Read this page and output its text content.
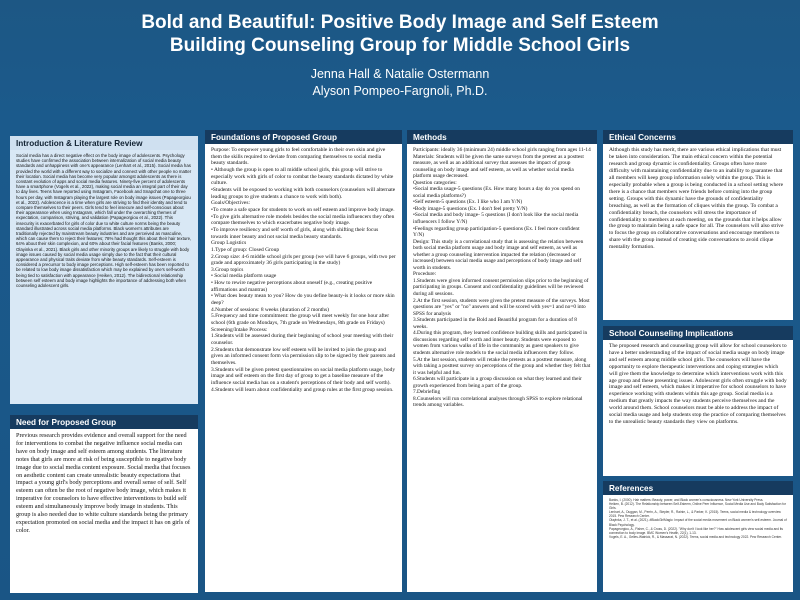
Bold and Beautiful: Positive Body Image and Self Esteem
Building Counseling Group for Middle School Girls
Jenna Hall & Natalie Ostermann
Alyson Pompeo-Fargnoli, Ph.D.
Introduction & Literature Review
Social media has a direct negative effect on the body image of adolescents. Psychology studies have confirmed the association between internalization of social media beauty standards and unhappiness with one's appearance (Lenhart et al., 2015). Social media has provided the world with a different way to socialize and connect with other people no matter their location. Social media has become very popular amongst adolescents as there is constant evolution of apps and social media features. Ninety-five percent of adolescents have a smartphone (Vogels et al., 2022), making social media an integral part of their day to day lives. Teens have reported using Instagram, Facebook and Snapchat one to three hours per day, with Instagram playing the largest role on body image issues (Papageorgiou et al., 2022). Adolescence is a time when girls are striving to find their identity and tend to compare themselves to their peers. Girls tend to feel insecure and self-conscious about their appearance when using Instagram, which fall under the overarching themes of expectation, comparison, striving, and validation (Papageorgiou et al., 2022). This insecurity is exacerbated for girls of color due to white culture norms being the beauty standard illustrated across social media platforms. Black women's attributes are traditionally rejected by mainstream beauty industries and are perceived as masculine, which can cause them to reject their features; 78% had thought this about their hair texture, 64% about their skin complexion, and 60% about their facial features (Banks, 2000; Olayinka et al., 2021). Black girls and other minority groups are likely to struggle with body image issues caused by social media usage simply due to the fact that their cultural appearance and physical traits deviate from white beauty standards. Self-esteem is considered a precursor to body image perceptions. High self-esteem has been reported to be related to low body image dissatisfaction which may be explained by one's self-worth being tied to satisfaction with appearance (Heiken, 2012). The bidirectional relationship between self esteem and body image highlights the importance of addressing both when counseling adolescent girls.
Need for Proposed Group
Previous research provides evidence and overall support for the need for interventions to combat the negative influence social media can have on body image and self esteem among students. The literature notes that girls are more at risk of being susceptible to negative body image due to social media content exposure. Social media that focuses on aesthetic content can create unrealistic beauty expectations that impact a young girl's body perceptions and overall sense of self. Self esteem can often be the root of negative body image, which makes it imperative for counselors to have effective interventions to build self esteem and simultaneously improve body image in students. This group is also needed due to white culture standards being the primary expectation promoted on social media and the impact it has on girls of color.
Foundations of Proposed Group
Purpose: To empower young girls to feel comfortable in their own skin and give them the skills required to deviate from comparing themselves to social media beauty standards.
• Although the group is open to all middle school girls, this group will strive to especially work with girls of color to combat the beauty standards dictated by white culture.
•Students will be exposed to working with both counselors (counselors will alternate leading groups to give students a chance to work with both).
Goals/Objectives:
•To create a safe space for students to work on self esteem and improve body image.
•To give girls alternative role models besides the social media influencers they often compare themselves to which exacerbates negative body image.
•To improve resiliency and self worth of girls, along with shifting their focus towards inner beauty and not social media beauty standards.
Group Logistics
1.Type of group: Closed Group
2.Group size: 4-6 middle school girls per group (we will have 6 groups, with two per grade and approximately 36 girls participating in the study)
3.Group topics
• Social media platform usage
• How to rewire negative perceptions about oneself (e.g., creating positive affirmations and mantras)
• What does beauty mean to you? How do you define beauty-is it looks or more skin deep?
4.Number of sessions: 8 weeks (duration of 2 months)
5.Frequency and time commitment: the group will meet weekly for one hour after school (6th grade on Mondays, 7th grade on Wednesdays, 8th grade on Fridays)
Screening/Intake Process:
1.Students will be assessed during their beginning of school year meeting with their counselor.
2.Students that demonstrate low self esteem will be invited to join the group and given an informed consent form via permission slip to be signed by their parents and themselves.
3.Students will be given pretest questionnaires on social media platform usage, body image and self esteem on the first day of group to get a baseline measure of the influence social media has on a student's perceptions of their body and self worth).
4.Students will learn about confidentiality and group rules at the first group session.
Methods
Participants: ideally 36 (minimum 24) middle school girls ranging from ages 11-14
Materials: Students will be given the same surveys from the pretest as a posttest measure, as well as an additional survey that assesses the impact of group counseling on body image and self esteem, as well as whether social media platform usage decreased.
Question categories:
•Social media usage-5 questions (Ex. How many hours a day do you spend on social media platforms?)
•Self esteem-5 questions (Ex. I like who I am Y/N)
•Body image-5 questions (Ex. I don't feel pretty Y/N)
•Social media and body image- 5 questions (I don't look like the social media influencers I follow Y/N)
•Feelings regarding group participation-5 questions (Ex. I feel more confident Y/N)
Design: This study is a correlational study that is assessing the relation between both social media platform usage and body image and self esteem, as well as whether a group counseling intervention impacted the relation (decreased or increased) between social media usage and perceptions of body image and self worth in students.
Procedure:
1.Students were given informed consent permission slips prior to the beginning of participating in groups. Consent and confidentiality guidelines will be reviewed during all sessions.
2.At the first session, students were given the pretest measure of the surveys. Most questions are "yes" or "no" answers and will be scored with yes=1 and no=0 into SPSS for analysis
3.Students participated in the Bold and Beautiful program for a duration of 8 weeks.
4.During this program, they learned confidence building skills and participated in discussions regarding self worth and inner beauty. Students were exposed to women from various walks of life in the community as guest speakers to give students alternative role models to the social media influencers they follow.
5.At the last session, students will retake the pretests as a posttest measure, along with taking a posttest survey on perceptions of the group and whether they felt that it was helpful and fun.
6.Students will participate in a group discussion on what they learned and their growth experienced from being a part of the group.
7.Debriefing
8.Counselors will run correlational analyses through SPSS to explore relational trends among variables.
Ethical Concerns
Although this study has merit, there are various ethical implications that must be taken into consideration. The main ethical concern within the potential research and group dynamic is confidentiality. Groups often have more difficulty with maintaining confidentiality due to an inability to guarantee that all members will keep group information solely within the group. This is especially probable when a group is being conducted in a school setting where there is a chance that members were friends before coming into the group setting. Groups with this dynamic have the grounds of confidentiality breaching, as well as the formation of cliques within the group. To combat a confidentiality breach, the counselors will stress the importance of confidentiality to members at each meeting, on the grounds that it helps allow the group to maintain being a safe space for all. The counselors will also strive to focus the group on collaborative conversations and encourage members to share with the group instead of creating side conversations to avoid clique mentality formation.
School Counseling Implications
The proposed research and counseling group will allow for school counselors to have a better understanding of the impact of social media usage on body image and self esteem among middle school girls. The counselors will have the opportunity to explore therapeutic interventions and coping strategies which will give them the knowledge to determine which interventions work with this age group and these presenting issues. Adolescent girls often struggle with body image and self esteem, which makes it imperative for school counselors to have experience working with students within this age group. Social media is a medium that greatly impacts the way students perceive themselves and the world around them. School counselors must be able to address the impact of social media usage and help students stop the practice of comparing themselves to the unrealistic beauty standards they view on platforms.
References
Banks, I. (2000). Hair matters: Beauty, power, and Black women's consciousness. New York University Press.
Heiken, B. (2012). The Relationship between Self-Esteem, Online Peer Influence, Social Media Use and Body Satisfaction for Girls.
Lenhart, A., Duggan, M., Perrin, A., Stepler, R., Rainie, L., & Parker, K. (2015). Teens, social media & technology overview 2015. Pew Research Center.
Olayinka, J. T., et al. (2021). #BlackGirlMagic: Impact of the social media movement on Black women's self-esteem. Journal of Black Psychology.
Papageorgiou, A., Fisher, C., & Cross, D. (2022). "Why don't I look like her?" How adolescent girls view social media and its connection to body image. BMC Women's Health, 22(1), 1-13.
Vogels, E. A., Gelles-Watnick, R., & Massarat, N. (2022). Teens, social media and technology 2022. Pew Research Center.
